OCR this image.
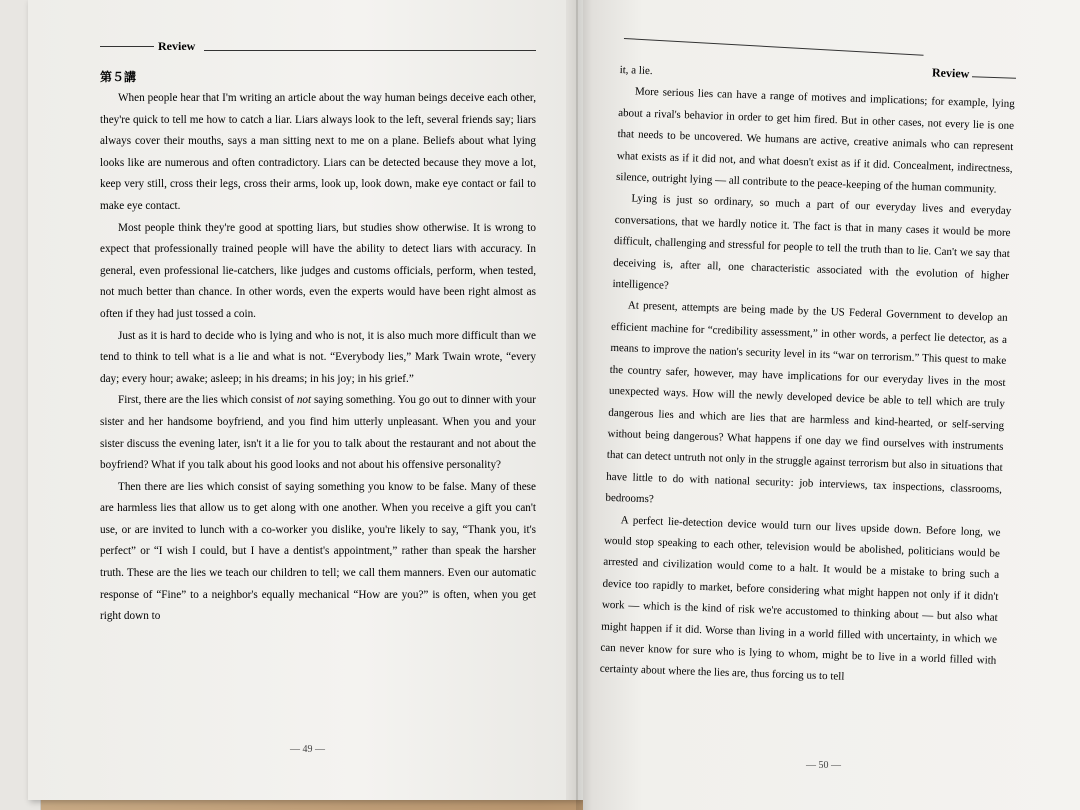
Review
第５講

When people hear that I'm writing an article about the way human beings deceive each other, they're quick to tell me how to catch a liar. Liars always look to the left, several friends say; liars always cover their mouths, says a man sitting next to me on a plane. Beliefs about what lying looks like are numerous and often contradictory. Liars can be detected because they move a lot, keep very still, cross their legs, cross their arms, look up, look down, make eye contact or fail to make eye contact.

Most people think they're good at spotting liars, but studies show otherwise. It is wrong to expect that professionally trained people will have the ability to detect liars with accuracy. In general, even professional lie-catchers, like judges and customs officials, perform, when tested, not much better than chance. In other words, even the experts would have been right almost as often if they had just tossed a coin.

Just as it is hard to decide who is lying and who is not, it is also much more difficult than we tend to think to tell what is a lie and what is not. “Everybody lies,” Mark Twain wrote, “every day; every hour; awake; asleep; in his dreams; in his joy; in his grief.”

First, there are the lies which consist of not saying something. You go out to dinner with your sister and her handsome boyfriend, and you find him utterly unpleasant. When you and your sister discuss the evening later, isn't it a lie for you to talk about the restaurant and not about the boyfriend? What if you talk about his good looks and not about his offensive personality?

Then there are lies which consist of saying something you know to be false. Many of these are harmless lies that allow us to get along with one another. When you receive a gift you can't use, or are invited to lunch with a co-worker you dislike, you're likely to say, “Thank you, it's perfect” or “I wish I could, but I have a dentist's appointment,” rather than speak the harsher truth. These are the lies we teach our children to tell; we call them manners. Even our automatic response of “Fine” to a neighbor's equally mechanical “How are you?” is often, when you get right down to

— 49 —
Review

it, a lie.

More serious lies can have a range of motives and implications; for example, lying about a rival's behavior in order to get him fired. But in other cases, not every lie is one that needs to be uncovered. We humans are active, creative animals who can represent what exists as if it did not, and what doesn't exist as if it did. Concealment, indirectness, silence, outright lying — all contribute to the peace-keeping of the human community.

Lying is just so ordinary, so much a part of our everyday lives and everyday conversations, that we hardly notice it. The fact is that in many cases it would be more difficult, challenging and stressful for people to tell the truth than to lie. Can't we say that deceiving is, after all, one characteristic associated with the evolution of higher intelligence?

At present, attempts are being made by the US Federal Government to develop an efficient machine for “credibility assessment,” in other words, a perfect lie detector, as a means to improve the nation's security level in its “war on terrorism.” This quest to make the country safer, however, may have implications for our everyday lives in the most unexpected ways. How will the newly developed device be able to tell which are truly dangerous lies and which are lies that are harmless and kind-hearted, or self-serving without being dangerous? What happens if one day we find ourselves with instruments that can detect untruth not only in the struggle against terrorism but also in situations that have little to do with national security: job interviews, tax inspections, classrooms, bedrooms?

A perfect lie-detection device would turn our lives upside down. Before long, we would stop speaking to each other, television would be abolished, politicians would be arrested and civilization would come to a halt. It would be a mistake to bring such a device too rapidly to market, before considering what might happen not only if it didn't work — which is the kind of risk we're accustomed to thinking about — but also what might happen if it did. Worse than living in a world filled with uncertainty, in which we can never know for sure who is lying to whom, might be to live in a world filled with certainty about where the lies are, thus forcing us to tell

— 50 —
